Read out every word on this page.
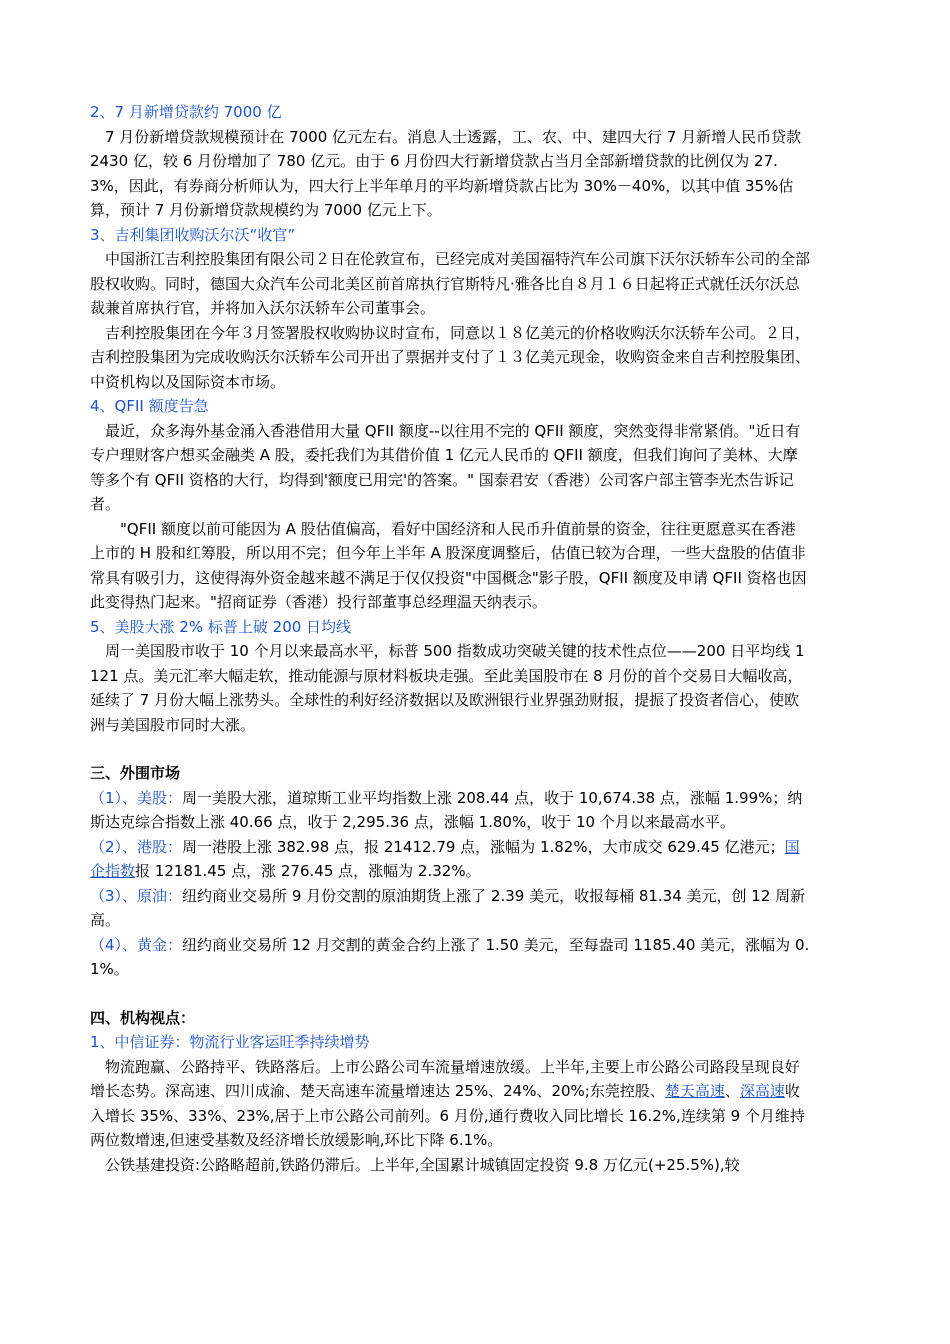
2、7 月新增贷款约 7000 亿

7 月份新增贷款规模预计在 7000 亿元左右。消息人士透露，工、农、中、建四大行 7 月新增人民币贷款 2430 亿，较 6 月份增加了 780 亿元。由于 6 月份四大行新增贷款占当月全部新增贷款的比例仅为 27.3%，因此，有券商分析师认为，四大行上半年单月的平均新增贷款占比为 30%－40%，以其中值 35%估算，预计 7 月份新增贷款规模约为 7000 亿元上下。

3、吉利集团收购沃尔沃“收官”

中国浙江吉利控股集团有限公司２日在伦敦宣布，已经完成对美国福特汽车公司旗下沃尔沃轿车公司的全部股权收购。同时，德国大众汽车公司北美区前首席执行官斯特凡·雅各比自８月１６日起将正式就任沃尔沃总裁兼首席执行官，并将加入沃尔沃轿车公司董事会。

吉利控股集团在今年３月签署股权收购协议时宣布，同意以１８亿美元的价格收购沃尔沃轿车公司。２日，吉利控股集团为完成收购沃尔沃轿车公司开出了票据并支付了１３亿美元现金，收购资金来自吉利控股集团、中资机构以及国际资本市场。

4、QFII 额度告急

最近，众多海外基金涌入香港借用大量 QFII 额度--以往用不完的 QFII 额度，突然变得非常紧俏。"近日有专户理财客户想买金融类 A 股，委托我们为其借价值 1 亿元人民币的 QFII 额度，但我们询问了美林、大摩等多个有 QFII 资格的大行，均得到'额度已用完'的答案。" 国泰君安（香港）公司客户部主管李光杰告诉记者。

"QFII 额度以前可能因为 A 股估值偏高，看好中国经济和人民币升值前景的资金，往往更愿意买在香港上市的 H 股和红筹股，所以用不完；但今年上半年 A 股深度调整后，估值已较为合理，一些大盘股的估值非常具有吸引力，这使得海外资金越来越不满足于仅仅投资"中国概念"影子股，QFII 额度及申请 QFII 资格也因此变得热门起来。"招商证券（香港）投行部董事总经理温天纳表示。

5、美股大涨 2% 标普上破 200 日均线

周一美国股市收于 10 个月以来最高水平，标普 500 指数成功突破关键的技术性点位——200 日平均线 1121 点。美元汇率大幅走软，推动能源与原材料板块走强。至此美国股市在 8 月份的首个交易日大幅收高，延续了 7 月份大幅上涨势头。全球性的利好经济数据以及欧洲银行业界强劲财报，提振了投资者信心，使欧洲与美国股市同时大涨。

三、外围市场

（1）、美股：周一美股大涨，道琼斯工业平均指数上涨 208.44 点，收于 10,674.38 点，涨幅 1.99%；纳斯达克综合指数上涨 40.66 点，收于 2,295.36 点，涨幅 1.80%，收于 10 个月以来最高水平。

（2）、港股：周一港股上涨 382.98 点，报 21412.79 点，涨幅为 1.82%，大市成交 629.45 亿港元；国企指数报 12181.45 点，涨 276.45 点，涨幅为 2.32%。

（3）、原油：纽约商业交易所 9 月份交割的原油期货上涨了 2.39 美元，收报每桶 81.34 美元，创 12 周新高。

（4）、黄金：纽约商业交易所 12 月交割的黄金合约上涨了 1.50 美元，至每盎司 1185.40 美元，涨幅为 0.1%。

四、机构视点：

1、中信证券：物流行业客运旺季持续增势

物流跑赢、公路持平、铁路落后。上市公路公司车流量增速放缓。上半年,主要上市公路公司路段呈现良好增长态势。深高速、四川成渝、楚天高速车流量增速达 25%、24%、20%;东莞控股、楚天高速、深高速收入增长 35%、33%、23%,居于上市公路公司前列。6 月份,通行费收入同比增长 16.2%,连续第 9 个月维持两位数增速,但速受基数及经济增长放缓影响,环比下降 6.1%。

公铁基建投资:公路略超前,铁路仍滞后。上半年,全国累计城镇固定投资 9.8 万亿元(+25.5%),较
